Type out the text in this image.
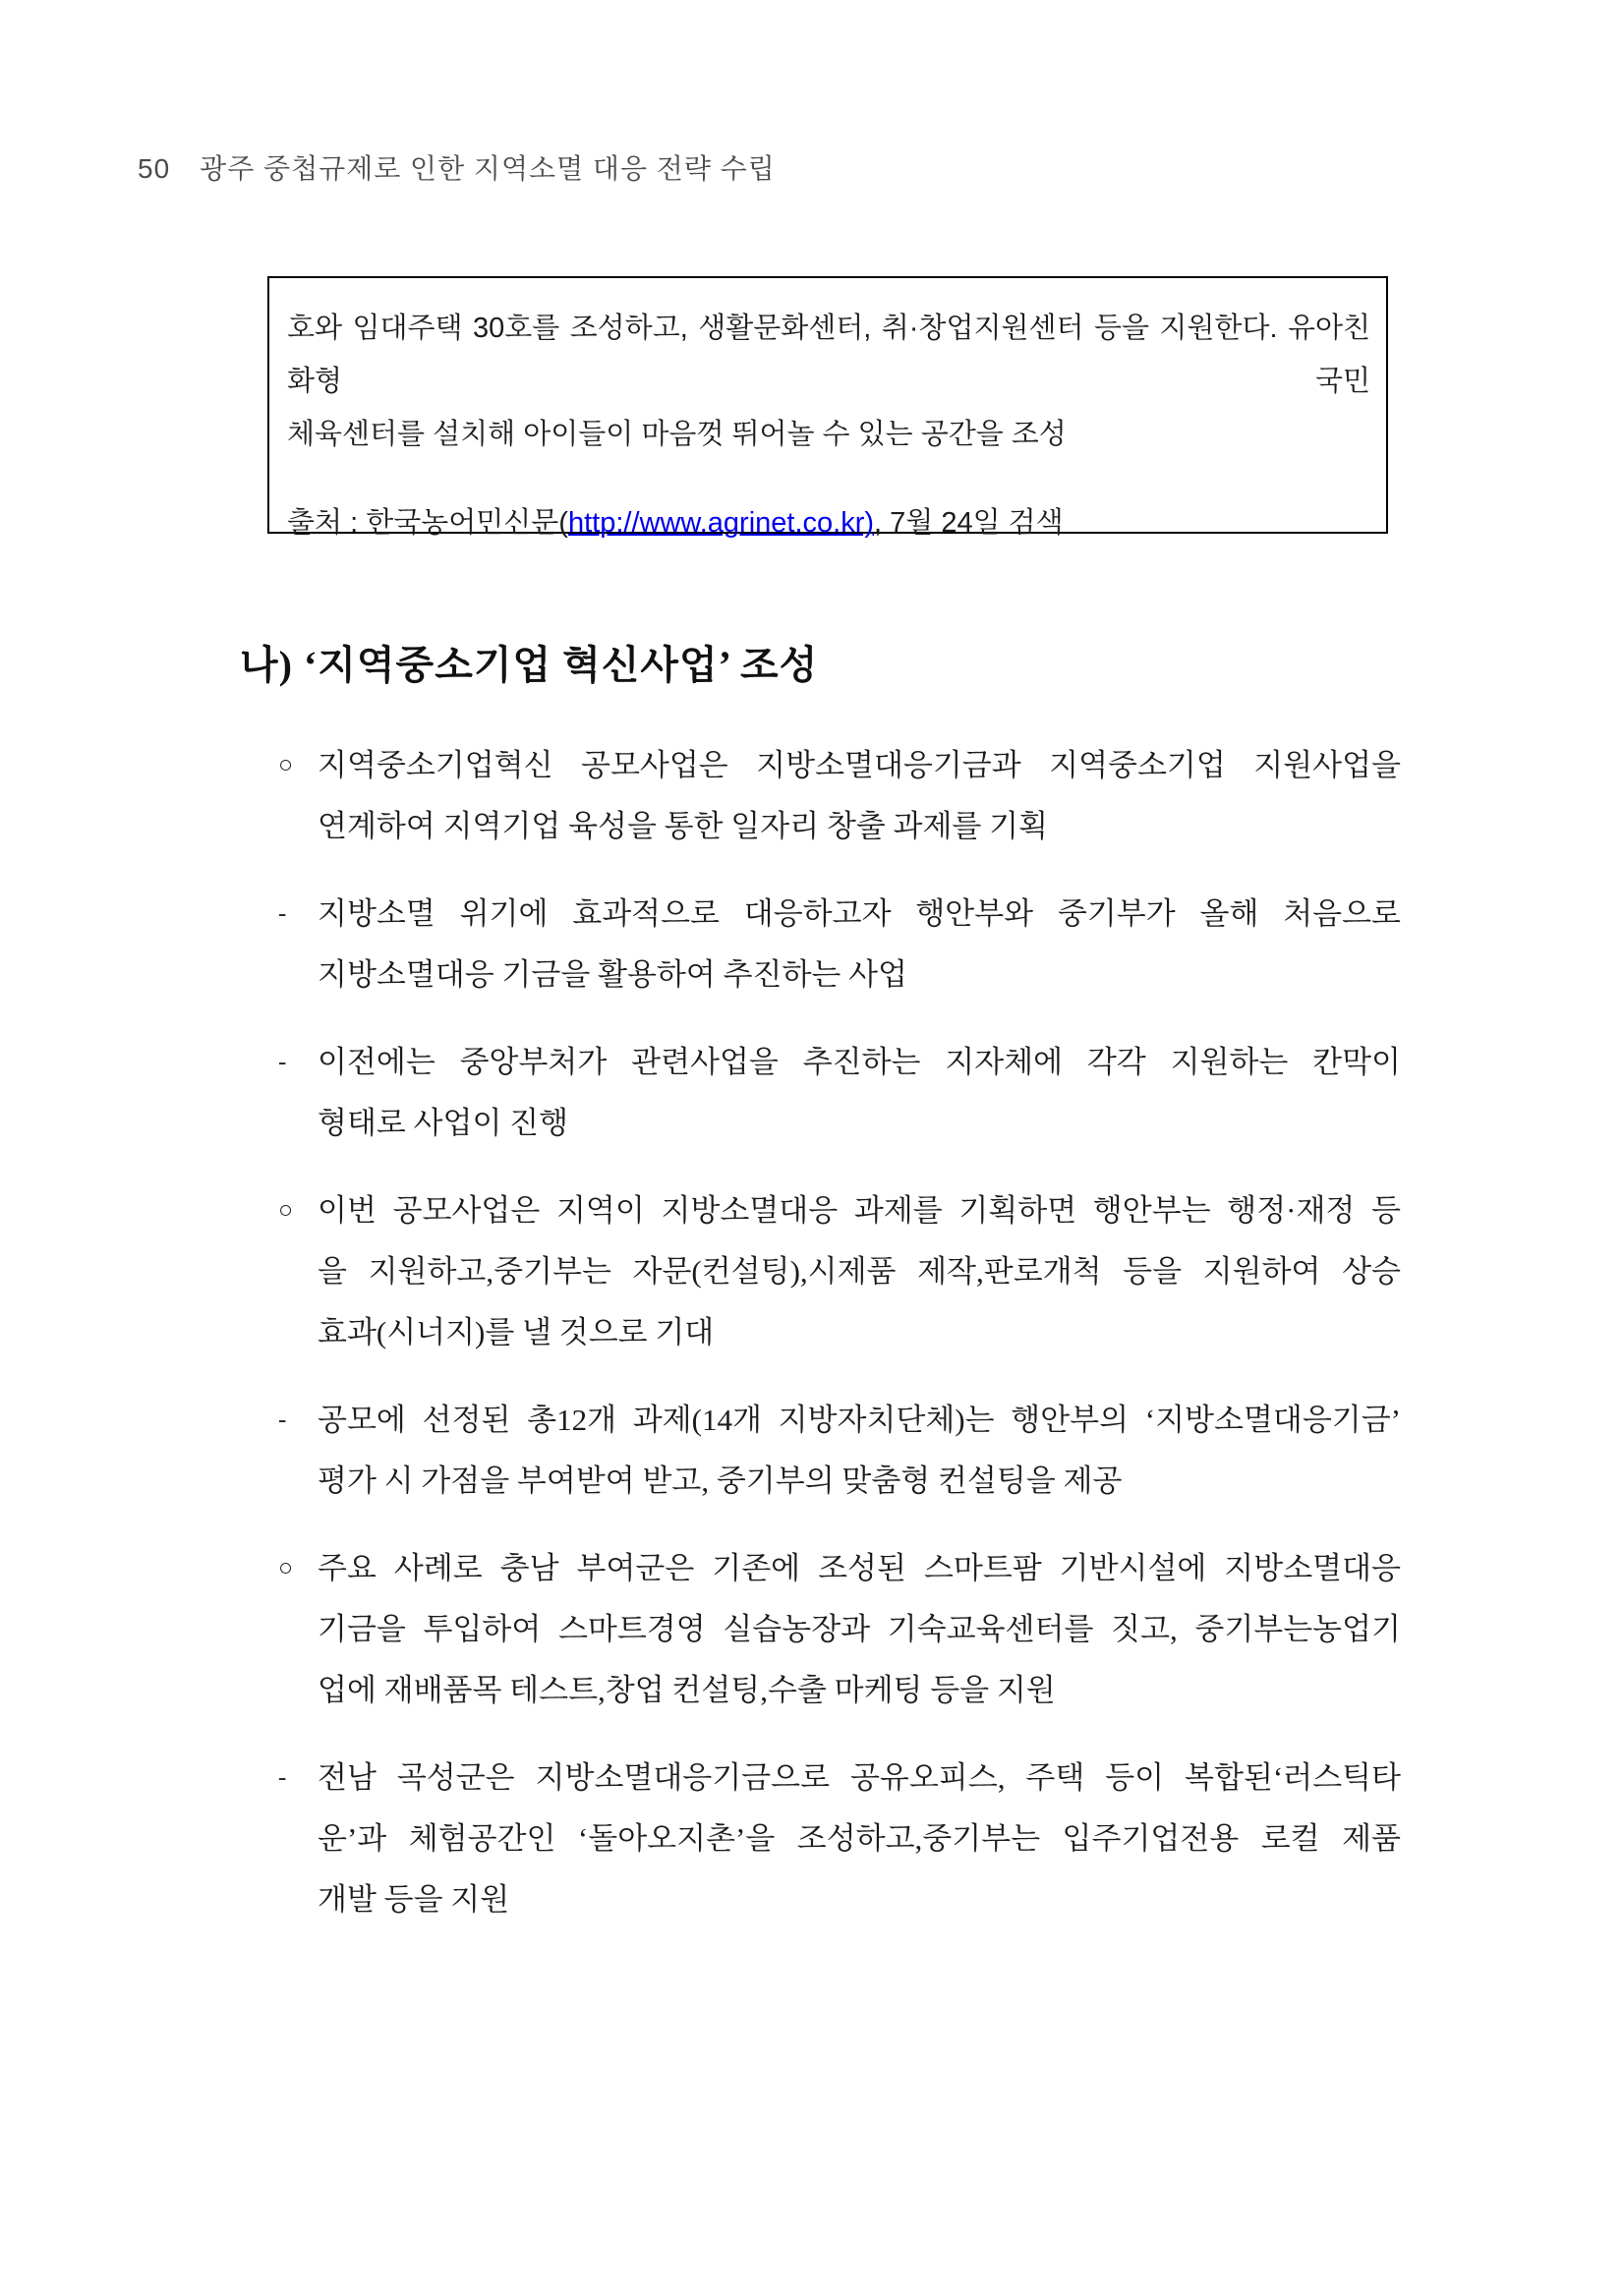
50 광주 중첩규제로 인한 지역소멸 대응 전략 수립
호와 임대주택 30호를 조성하고, 생활문화센터, 취·창업지원센터 등을 지원한다. 유아친화형 국민
체육센터를 설치해 아이들이 마음껏 뛰어놀 수 있는 공간을 조성
출처 : 한국농어민신문(http://www.agrinet.co.kr), 7월 24일 검색
나) ‘지역중소기업 혁신사업’ 조성
○ 지역중소기업혁신 공모사업은 지방소멸대응기금과 지역중소기업 지원사업을
연계하여 지역기업 육성을 통한 일자리 창출 과제를 기획
-	지방소멸 위기에 효과적으로 대응하고자 행안부와 중기부가 올해 처음으로
지방소멸대응 기금을 활용하여 추진하는 사업
-	이전에는 중앙부처가 관련사업을 추진하는 지자체에 각각 지원하는 칸막이
형태로 사업이 진행
○ 이번 공모사업은 지역이 지방소멸대응 과제를 기획하면 행안부는 행정·재정 등
을 지원하고,중기부는 자문(컨설팅),시제품 제작,판로개척 등을 지원하여 상승
효과(시너지)를 낼 것으로 기대
-	공모에 선정된 총12개 과제(14개 지방자치단체)는 행안부의 ‘지방소멸대응기금’
평가 시 가점을 부여받여 받고, 중기부의 맞춤형 컨설팅을 제공
○ 주요 사례로 충남 부여군은 기존에 조성된 스마트팜 기반시설에 지방소멸대응
기금을 투입하여 스마트경영 실습농장과 기숙교육센터를 짓고, 중기부는농업기
업에 재배품목 테스트,창업 컨설팅,수출 마케팅 등을 지원
-	전남 곡성군은 지방소멸대응기금으로 공유오피스, 주택 등이 복합된‘러스틱타
운’과 체험공간인 ‘돌아오지촌’을 조성하고,중기부는 입주기업전용 로컬 제품
개발 등을 지원
